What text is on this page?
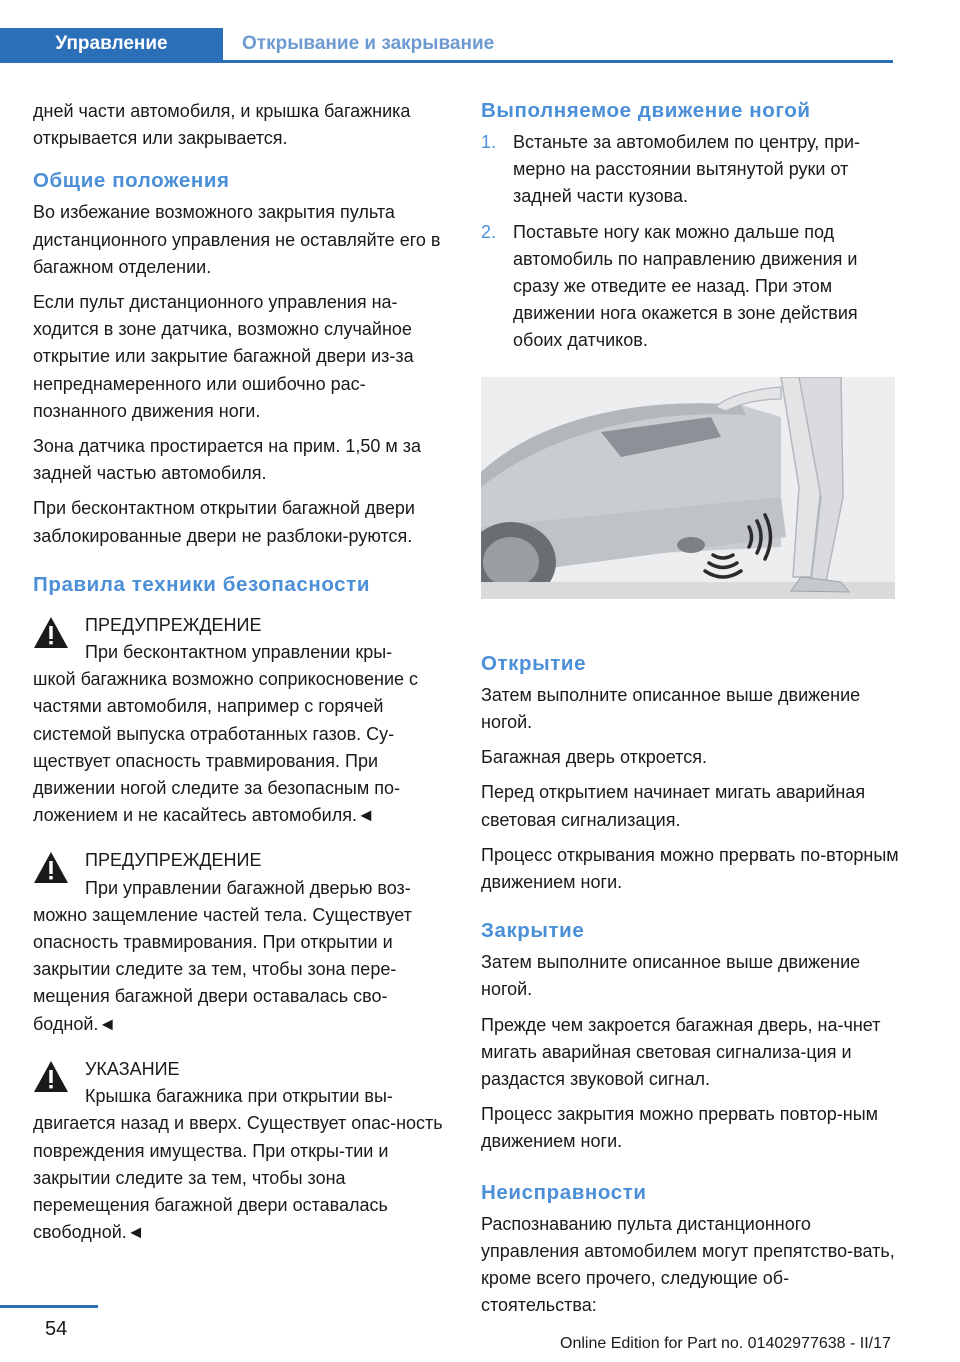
Управление	Открывание и закрывание

дней части автомобиля, и крышка багажника открывается или закрывается.

Общие положения

Во избежание возможного закрытия пульта дистанционного управления не оставляйте его в багажном отделении.

Если пульт дистанционного управления на-ходится в зоне датчика, возможно случайное открытие или закрытие багажной двери из-за непреднамеренного или ошибочно рас-познанного движения ноги.

Зона датчика простирается на прим. 1,50 м за задней частью автомобиля.

При бесконтактном открытии багажной двери заблокированные двери не разблоки-руются.

Правила техники безопасности
ПРЕДУПРЕЖДЕНИЕ
При бесконтактном управлении кры-
шкой багажника возможно соприкосновение с частями автомобиля, например с горячей системой выпуска отработанных газов. Су-ществует опасность травмирования. При движении ногой следите за безопасным по-ложением и не касайтесь автомобиля.◄
ПРЕДУПРЕЖДЕНИЕ
При управлении багажной дверью воз-
можно защемление частей тела. Существует опасность травмирования. При открытии и закрытии следите за тем, чтобы зона пере-мещения багажной двери оставалась сво-бодной.◄
УКАЗАНИЕ
Крышка багажника при открытии вы-
двигается назад и вверх. Существует опас-ность повреждения имущества. При откры-тии и закрытии следите за тем, чтобы зона перемещения багажной двери оставалась свободной.◄
Выполняемое движение ногой
1. Встаньте за автомобилем по центру, при-мерно на расстоянии вытянутой руки от задней части кузова.
2. Поставьте ногу как можно дальше под автомобиль по направлению движения и сразу же отведите ее назад. При этом движении нога окажется в зоне действия обоих датчиков.
Открытие

Затем выполните описанное выше движение ногой.

Багажная дверь откроется.

Перед открытием начинает мигать аварийная световая сигнализация.

Процесс открывания можно прервать по-вторным движением ноги.

Закрытие

Затем выполните описанное выше движение ногой.

Прежде чем закроется багажная дверь, на-чнет мигать аварийная световая сигнализа-ция и раздастся звуковой сигнал.

Процесс закрытия можно прервать повтор-ным движением ноги.

Неисправности

Распознаванию пульта дистанционного управления автомобилем могут препятство-вать, кроме всего прочего, следующие об-стоятельства:

54
Online Edition for Part no. 01402977638 - II/17
